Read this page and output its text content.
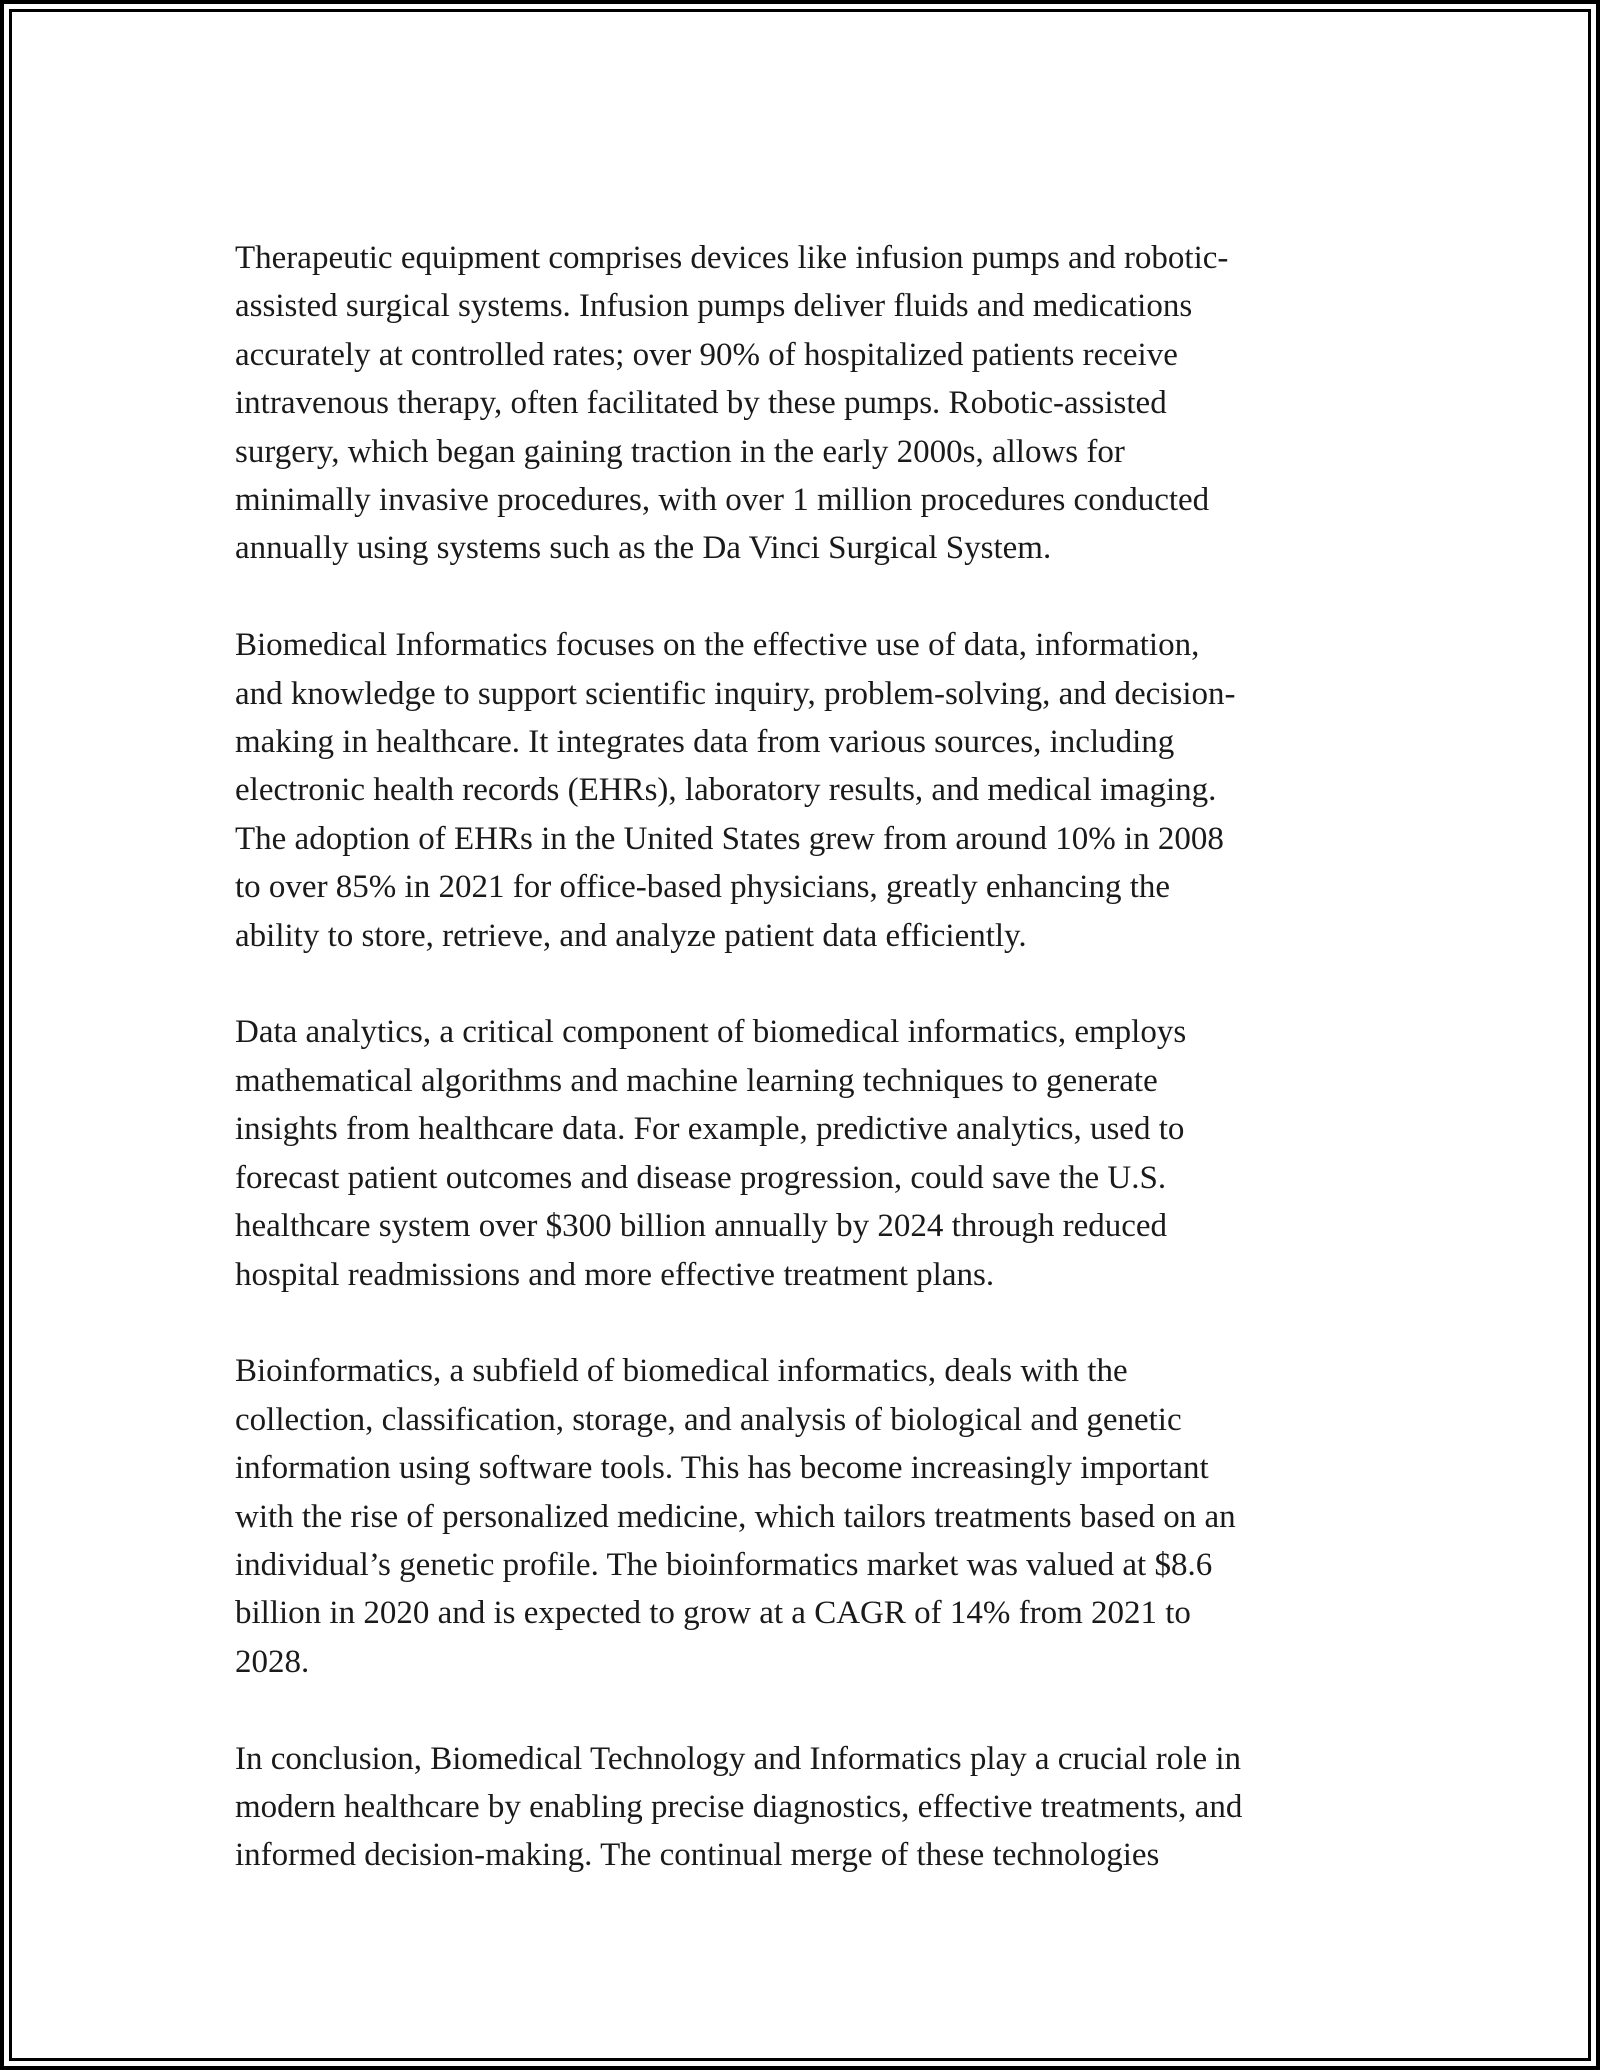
Therapeutic equipment comprises devices like infusion pumps and robotic-
assisted surgical systems. Infusion pumps deliver fluids and medications
accurately at controlled rates; over 90% of hospitalized patients receive
intravenous therapy, often facilitated by these pumps. Robotic-assisted
surgery, which began gaining traction in the early 2000s, allows for
minimally invasive procedures, with over 1 million procedures conducted
annually using systems such as the Da Vinci Surgical System.

Biomedical Informatics focuses on the effective use of data, information,
and knowledge to support scientific inquiry, problem-solving, and decision-
making in healthcare. It integrates data from various sources, including
electronic health records (EHRs), laboratory results, and medical imaging.
The adoption of EHRs in the United States grew from around 10% in 2008
to over 85% in 2021 for office-based physicians, greatly enhancing the
ability to store, retrieve, and analyze patient data efficiently.

Data analytics, a critical component of biomedical informatics, employs
mathematical algorithms and machine learning techniques to generate
insights from healthcare data. For example, predictive analytics, used to
forecast patient outcomes and disease progression, could save the U.S.
healthcare system over $300 billion annually by 2024 through reduced
hospital readmissions and more effective treatment plans.

Bioinformatics, a subfield of biomedical informatics, deals with the
collection, classification, storage, and analysis of biological and genetic
information using software tools. This has become increasingly important
with the rise of personalized medicine, which tailors treatments based on an
individual’s genetic profile. The bioinformatics market was valued at $8.6
billion in 2020 and is expected to grow at a CAGR of 14% from 2021 to
2028.

In conclusion, Biomedical Technology and Informatics play a crucial role in
modern healthcare by enabling precise diagnostics, effective treatments, and
informed decision-making. The continual merge of these technologies
